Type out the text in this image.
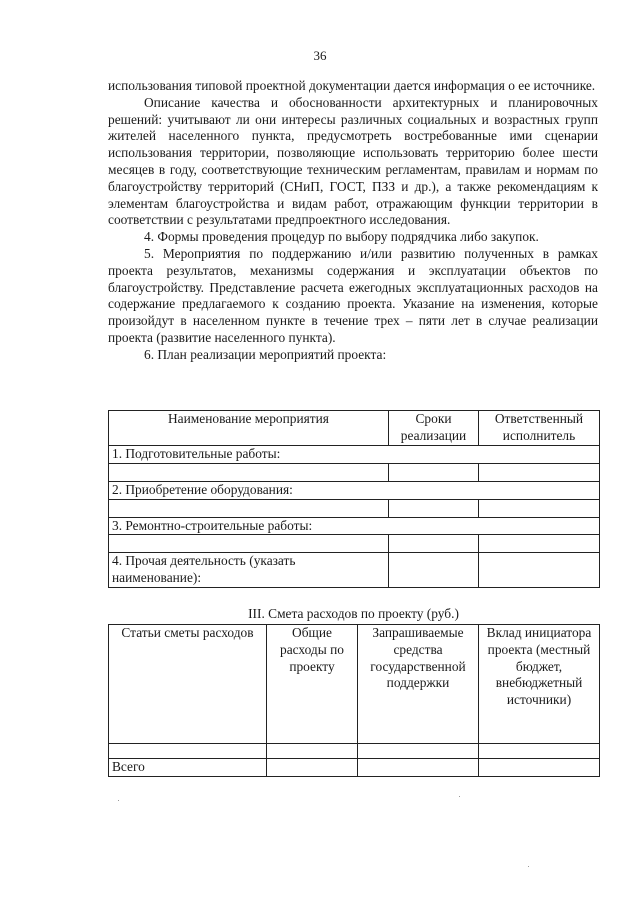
36

использования типовой проектной документации дается информация о ее источнике.

Описание качества и обоснованности архитектурных и планировочных решений: учитывают ли они интересы различных социальных и возрастных групп жителей населенного пункта, предусмотреть востребованные ими сценарии использования территории, позволяющие использовать территорию более шести месяцев в году, соответствующие техническим регламентам, правилам и нормам по благоустройству территорий (СНиП, ГОСТ, ПЗЗ и др.), а также рекомендациям к элементам благоустройства и видам работ, отражающим функции территории в соответствии с результатами предпроектного исследования.

4. Формы проведения процедур по выбору подрядчика либо закупок.

5. Мероприятия по поддержанию и/или развитию полученных в рамках проекта результатов, механизмы содержания и эксплуатации объектов по благоустройству. Представление расчета ежегодных эксплуатационных расходов на содержание предлагаемого к созданию проекта. Указание на изменения, которые произойдут в населенном пункте в течение трех – пяти лет в случае реализации проекта (развитие населенного пункта).

6. План реализации мероприятий проекта:

Наименование мероприятия	Сроки реализации	Ответственный исполнитель
1. Подготовительные работы:		

2. Приобретение оборудования:		

3. Ремонтно-строительные работы:		

4. Прочая деятельность (указать наименование):		
III. Смета расходов по проекту (руб.)
Статьи сметы расходов	Общие расходы по проекту	Запрашиваемые средства государственной поддержки	Вклад инициатора проекта (местный бюджет, внебюджетный источники)

Всего			
